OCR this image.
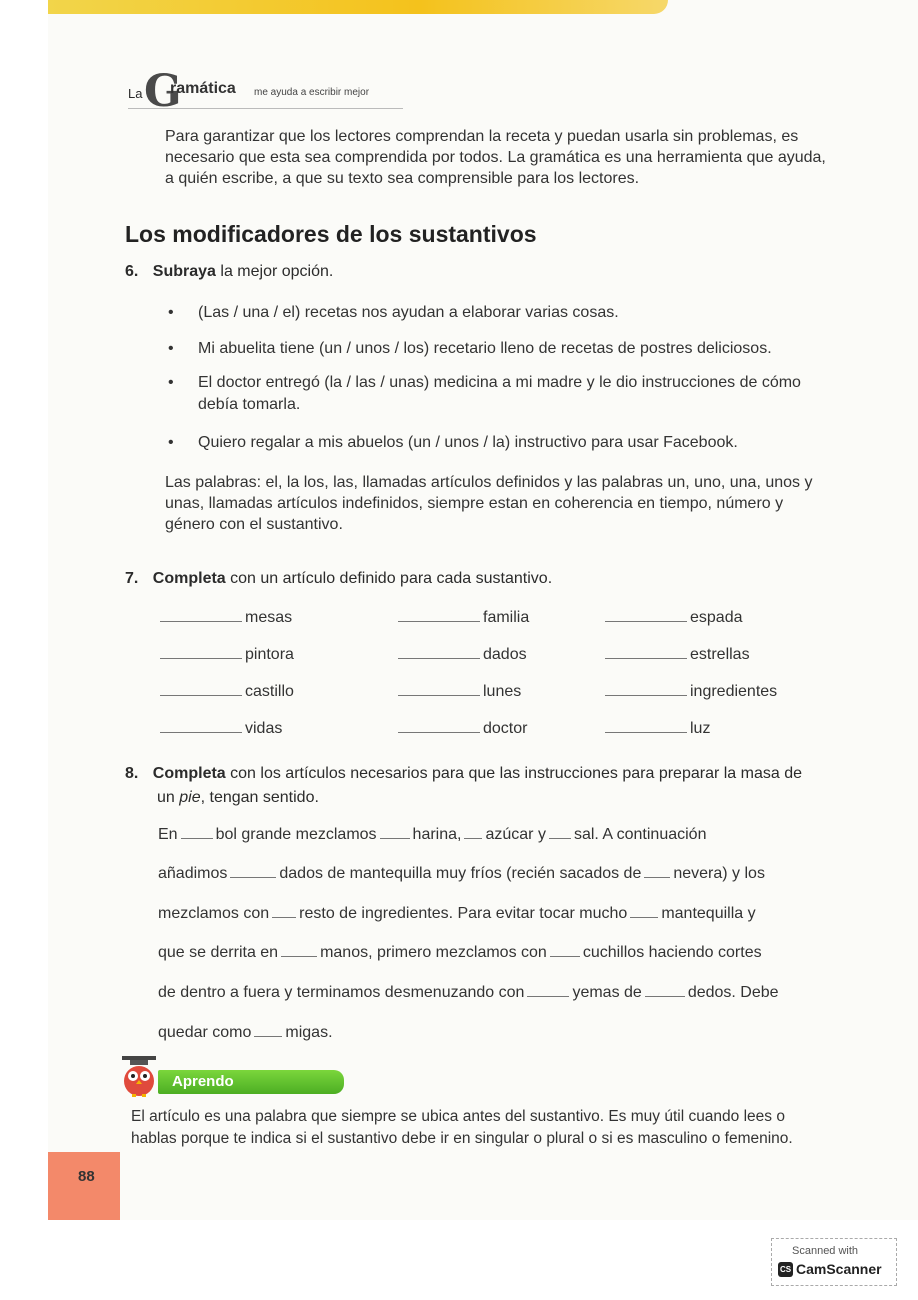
La G
ramática me ayuda a escribir mejor

Para garantizar que los lectores comprendan la receta y puedan usarla sin problemas, es necesario que esta sea comprendida por todos. La gramática es una herramienta que ayuda, a quién escribe, a que su texto sea comprensible para los lectores.

Los modificadores de los sustantivos
6. Subraya la mejor opción.
• (Las / una / el) recetas nos ayudan a elaborar varias cosas.
• Mi abuelita tiene (un / unos / los) recetario lleno de recetas de postres deliciosos.
• El doctor entregó (la / las / unas) medicina a mi madre y le dio instrucciones de cómo debía tomarla.
• Quiero regalar a mis abuelos (un / unos / la) instructivo para usar Facebook.

Las palabras: el, la los, las, llamadas artículos definidos y las palabras un, uno, una, unos y unas, llamadas artículos indefinidos, siempre estan en coherencia en tiempo, número y género con el sustantivo.

7. Completa con un artículo definido para cada sustantivo.
mesas	familia	espada
pintora	dados	estrellas
castillo	lunes	ingredientes
vidas	doctor	luz
8. Completa con los artículos necesarios para que las instrucciones para preparar la masa de
un pie, tengan sentido.
En bol grande mezclamos harina, azúcar y sal. A continuación
añadimos	dados de mantequilla muy fríos (recién sacados de nevera) y los
mezclamos con resto de ingredientes. Para evitar tocar mucho mantequilla y
que se derrita en	manos, primero mezclamos con cuchillos haciendo cortes
de dentro a fuera y terminamos desmenuzando con	yemas de	dedos. Debe
quedar como migas.
Aprendo

El artículo es una palabra que siempre se ubica antes del sustantivo. Es muy útil cuando lees o hablas porque te indica si el sustantivo debe ir en singular o plural o si es masculino o femenino.

88
Scanned with
CS CamScanner
